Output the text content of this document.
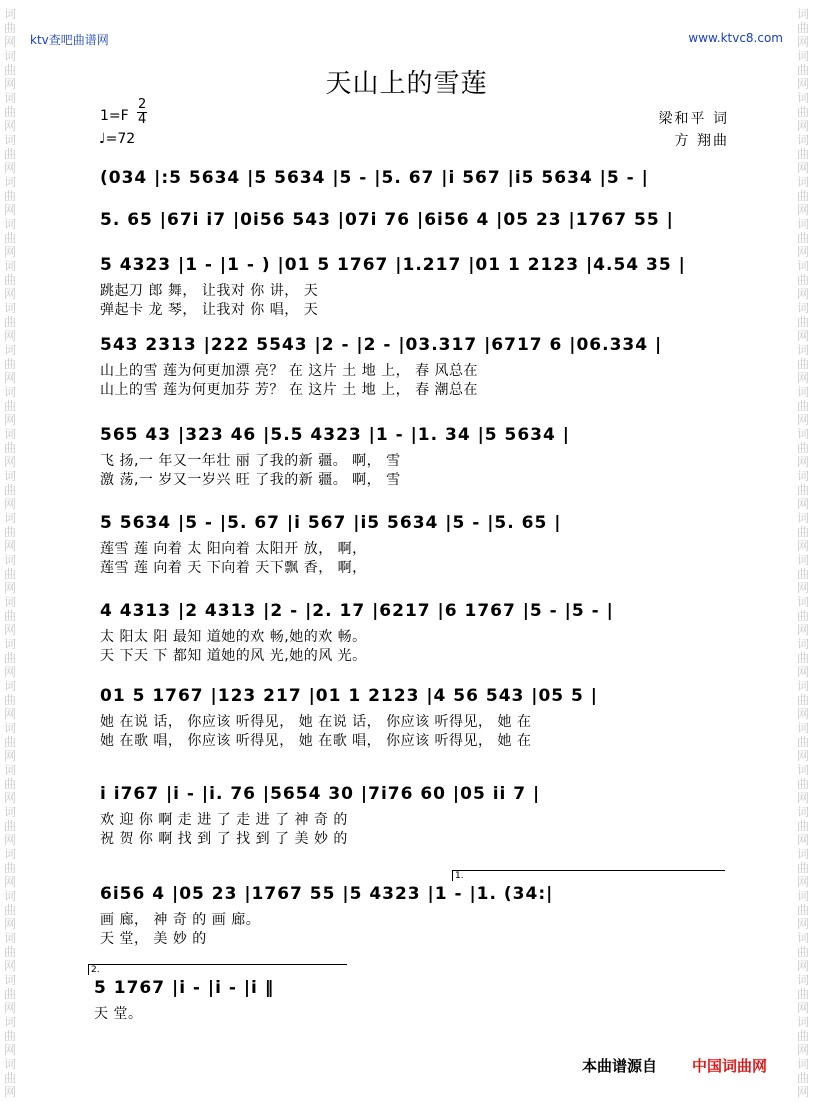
词
曲
网
词
曲
网
词
曲
网
词
曲
网
词
曲
网
词
曲
网
词
曲
网
词
曲
网
词
曲
网
词
曲
网
词
曲
网
词
曲
网
词
曲
网
词
曲
网
词
曲
网
词
曲
网
词
曲
网
词
曲
网
词
曲
网
词
曲
网
词
曲
网
词
曲
网
词
曲
网
词
曲
网
词
曲
网
词
曲
网
词
曲
网
词
曲
网
词
曲
网
词
曲
网
词
曲
网
词
曲
网
词
曲
网
词
曲
网
词
曲
网
词
曲
网
词
曲
网
词
曲
网
词
曲
网
词
曲
网
词
曲
网
词
曲
网
词
曲
网
词
曲
网
词
曲
网
词
曲
网
词
曲
网
词
曲
网
词
曲
网
词
曲
网
词
曲
网
词
曲
网
ktv查吧曲谱网	www.ktvc8.com
天山上的雪莲
1=F
2
4
♩=72
梁和平 词
方 翔曲
(034 |:5 5634 |5 5634 |5 - |5. 67 |i 567 |i5 5634 |5 - |
5. 65 |67i i7 |0i56 543 |07i 76 |6i56 4 |05 23 |1767 55 |
5 4323 |1 - |1 - ) |01 5 1767 |1.217 |01 1 2123 |4.54 35 |
跳起刀 郎 舞， 让我对 你 讲， 天
弹起卡 龙 琴， 让我对 你 唱， 天
543 2313 |222 5543 |2 - |2 - |03.317 |6717 6 |06.334 |
山上的雪 莲为何更加漂 亮？ 在 这片 土 地 上， 春 风总在
山上的雪 莲为何更加芬 芳？ 在 这片 土 地 上， 春 潮总在
565 43 |323 46 |5.5 4323 |1 - |1. 34 |5 5634 |
飞 扬,一 年又一年壮 丽 了我的新 疆。 啊， 雪
激 荡,一 岁又一岁兴 旺 了我的新 疆。 啊， 雪
5 5634 |5 - |5. 67 |i 567 |i5 5634 |5 - |5. 65 |
莲雪 莲 向着 太 阳向着 太阳开 放， 啊，
莲雪 莲 向着 天 下向着 天下飘 香， 啊，
4 4313 |2 4313 |2 - |2. 17 |6217 |6 1767 |5 - |5 - |
太 阳太 阳 最知 道她的欢 畅,她的欢 畅。
天 下天 下 都知 道她的风 光,她的风 光。
01 5 1767 |123 217 |01 1 2123 |4 56 543 |05 5 |
她 在说 话， 你应该 听得见， 她 在说 话， 你应该 听得见， 她 在
她 在歌 唱， 你应该 听得见， 她 在歌 唱， 你应该 听得见， 她 在
i i767 |i - |i. 76 |5654 30 |7i76 60 |05 ii 7 |
欢 迎 你 啊 走 进 了 走 进 了 神 奇 的
祝 贺 你 啊 找 到 了 找 到 了 美 妙 的
1.
6i56 4 |05 23 |1767 55 |5 4323 |1 - |1. (34:|
画 廊， 神 奇 的 画 廊。
天 堂， 美 妙 的
2.
5 1767 |i - |i - |i ‖
天 堂。
本曲谱源自 中国词曲网
